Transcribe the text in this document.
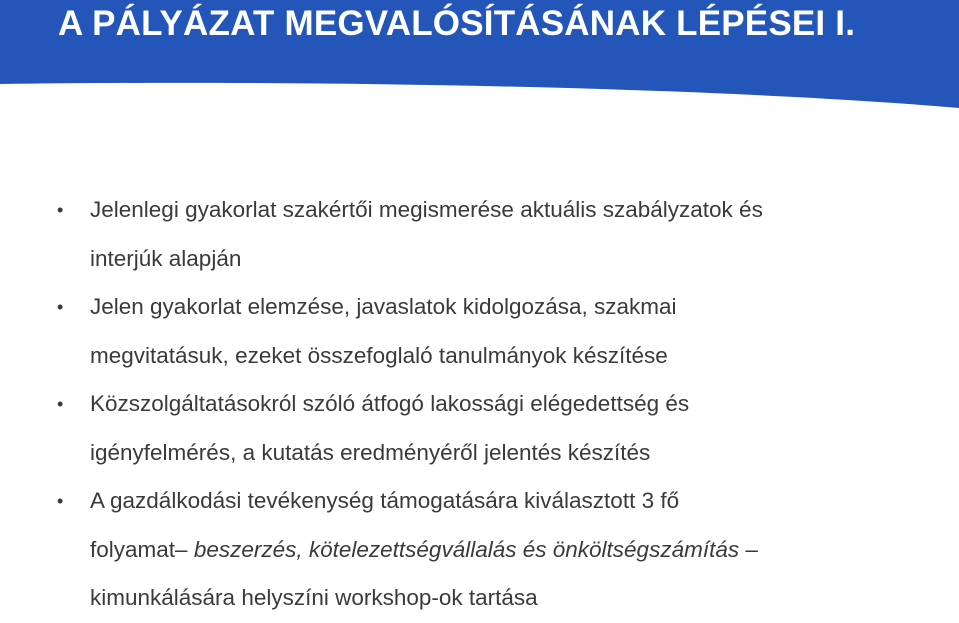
A PÁLYÁZAT MEGVALÓSÍTÁSÁNAK LÉPÉSEI I.
• Jelenlegi gyakorlat szakértői megismerése aktuális szabályzatok és
interjúk alapján
• Jelen gyakorlat elemzése, javaslatok kidolgozása, szakmai
megvitatásuk, ezeket összefoglaló tanulmányok készítése
• Közszolgáltatásokról szóló átfogó lakossági elégedettség és
igényfelmérés, a kutatás eredményéről jelentés készítés
• A gazdálkodási tevékenység támogatására kiválasztott 3 fő
folyamat– beszerzés, kötelezettségvállalás és önköltségszámítás –
kimunkálására helyszíni workshop-ok tartása
